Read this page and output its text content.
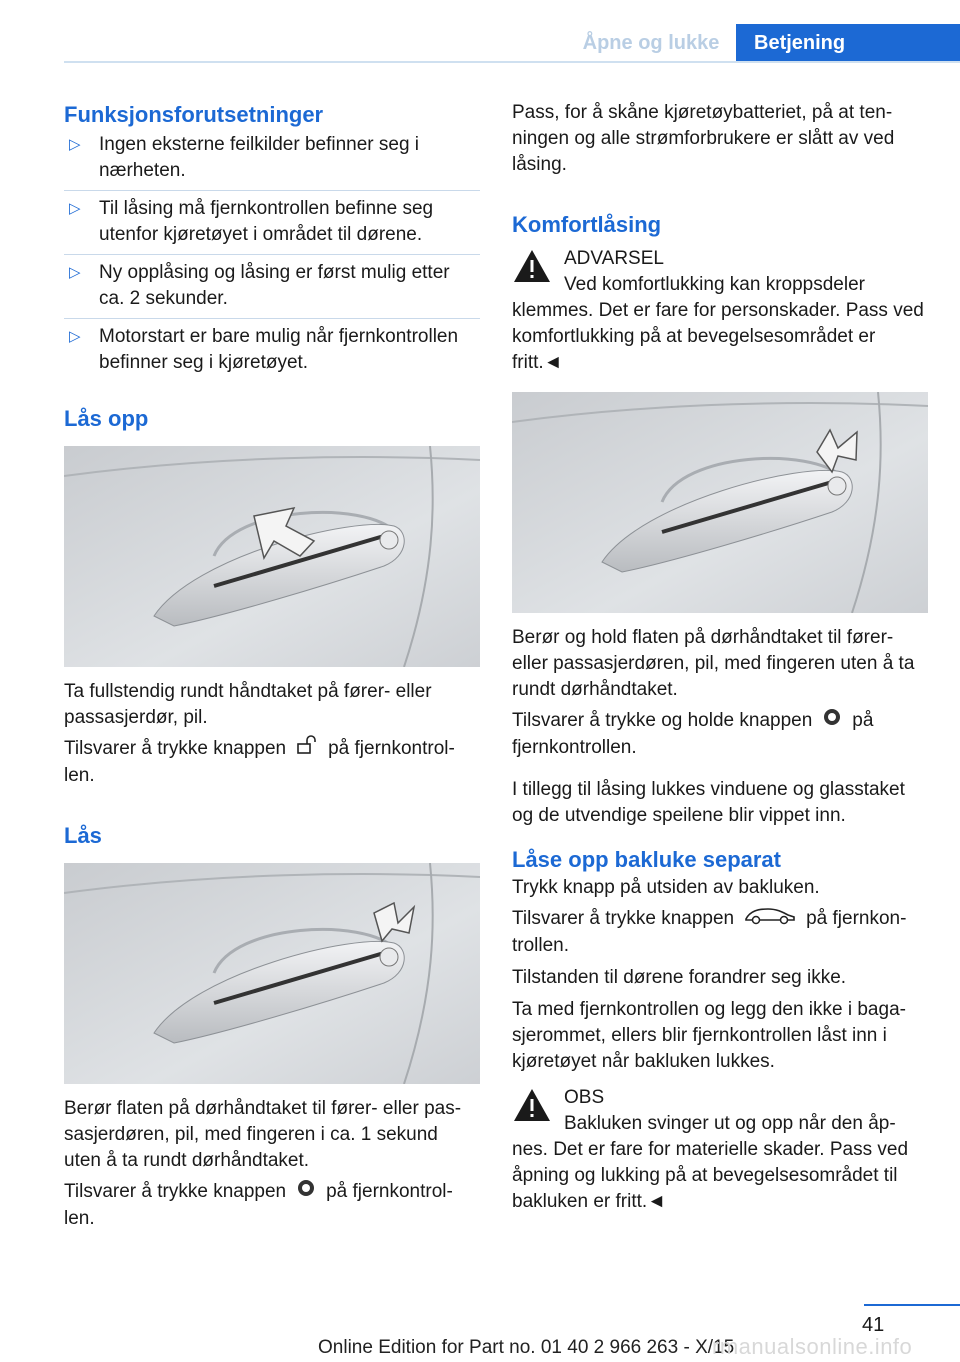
Åpne og lukke	Betjening
Funksjonsforutsetninger
▷ Ingen eksterne feilkilder befinner seg i nærheten.
▷ Til låsing må fjernkontrollen befinne seg utenfor kjøretøyet i området til dørene.
▷ Ny opplåsing og låsing er først mulig etter ca. 2 sekunder.
▷ Motorstart er bare mulig når fjernkontrollen befinner seg i kjøretøyet.
Lås opp

Ta fullstendig rundt håndtaket på fører- eller passasjerdør, pil.

Tilsvarer å trykke knappen på fjernkontrol-len.

Lås

Berør flaten på dørhåndtaket til fører- eller pas-sasjerdøren, pil, med fingeren i ca. 1 sekund uten å ta rundt dørhåndtaket.

Tilsvarer å trykke knappen på fjernkontrol-len.

Pass, for å skåne kjøretøybatteriet, på at ten-ningen og alle strømforbrukere er slått av ved låsing.

Komfortlåsing
ADVARSEL

Ved komfortlukking kan kroppsdeler klemmes. Det er fare for personskader. Pass ved komfortlukking på at bevegelsesområdet er fritt.◄

Berør og hold flaten på dørhåndtaket til fører-eller passasjerdøren, pil, med fingeren uten å ta rundt dørhåndtaket.

Tilsvarer å trykke og holde knappen på fjernkontrollen.

I tillegg til låsing lukkes vinduene og glasstaket og de utvendige speilene blir vippet inn.

Låse opp bakluke separat

Trykk knapp på utsiden av bakluken.

Tilsvarer å trykke knappen	på fjernkon-trollen.

Tilstanden til dørene forandrer seg ikke.

Ta med fjernkontrollen og legg den ikke i baga-sjerommet, ellers blir fjernkontrollen låst inn i kjøretøyet når bakluken lukkes.

OBS

Bakluken svinger ut og opp når den åp-nes. Det er fare for materielle skader. Pass ved åpning og lukking på at bevegelsesområdet til bakluken er fritt.◄

41
Online Edition for Part no. 01 40 2 966 263 - X/15
rmanualsonline.info
